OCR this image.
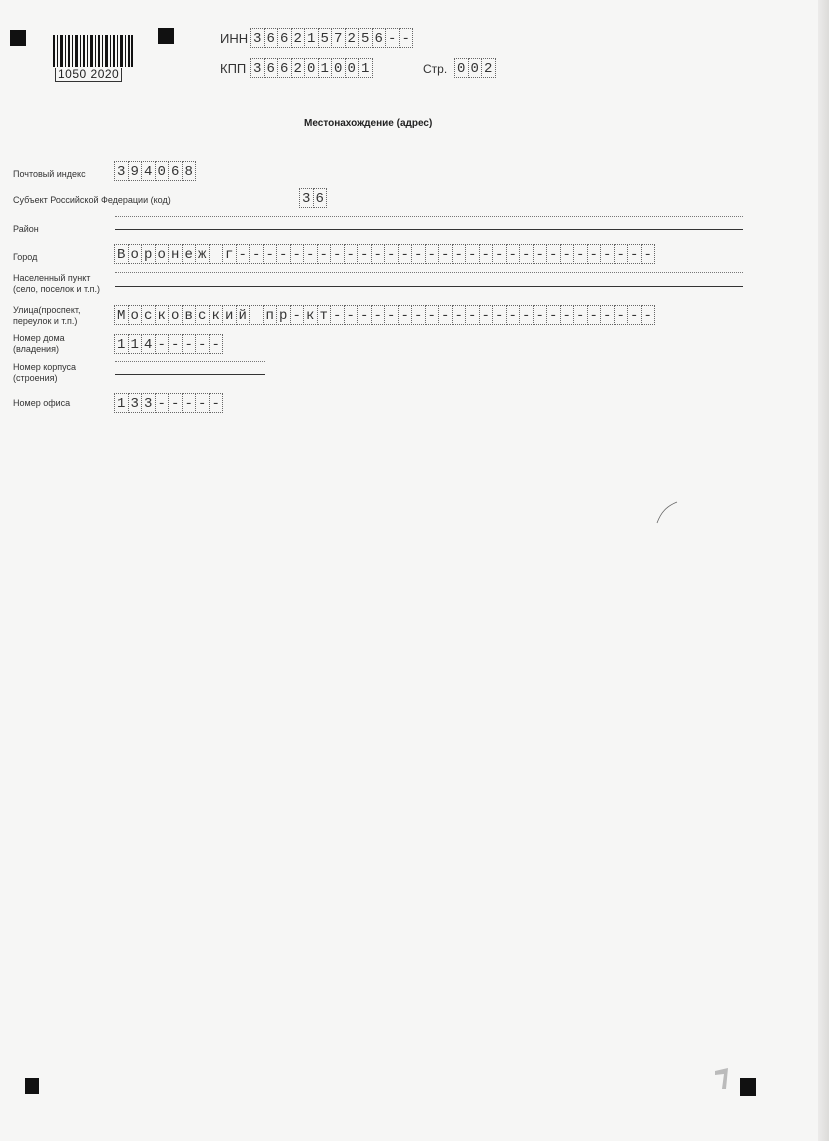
1050 2020
ИНН 3 6 6 2 1 5 7 2 5 6 - -
КПП 3 6 6 2 0 1 0 0 1	Стр. 0 0 2
Местонахождение (адрес)
Почтовый индекс 3 9 4 0 6 8
Субъект Российской Федерации (код)	3 6
Район
Город	В о р о н е ж г - - - - - - - - - - - - - - - - - - - - - - - - - - - - - - -
Населенный пункт
(село, поселок и т.п.)
Улица(проспект,
переулок и т.п.)	М о с к о в с к и й п р - к т - - - - - - - - - - - - - - - - - - - - - - - -
Номер дома
(владения)	1 1 4 - - - - -
Номер корпуса
(строения)
Номер офиса	1 3 3 - - - - -
